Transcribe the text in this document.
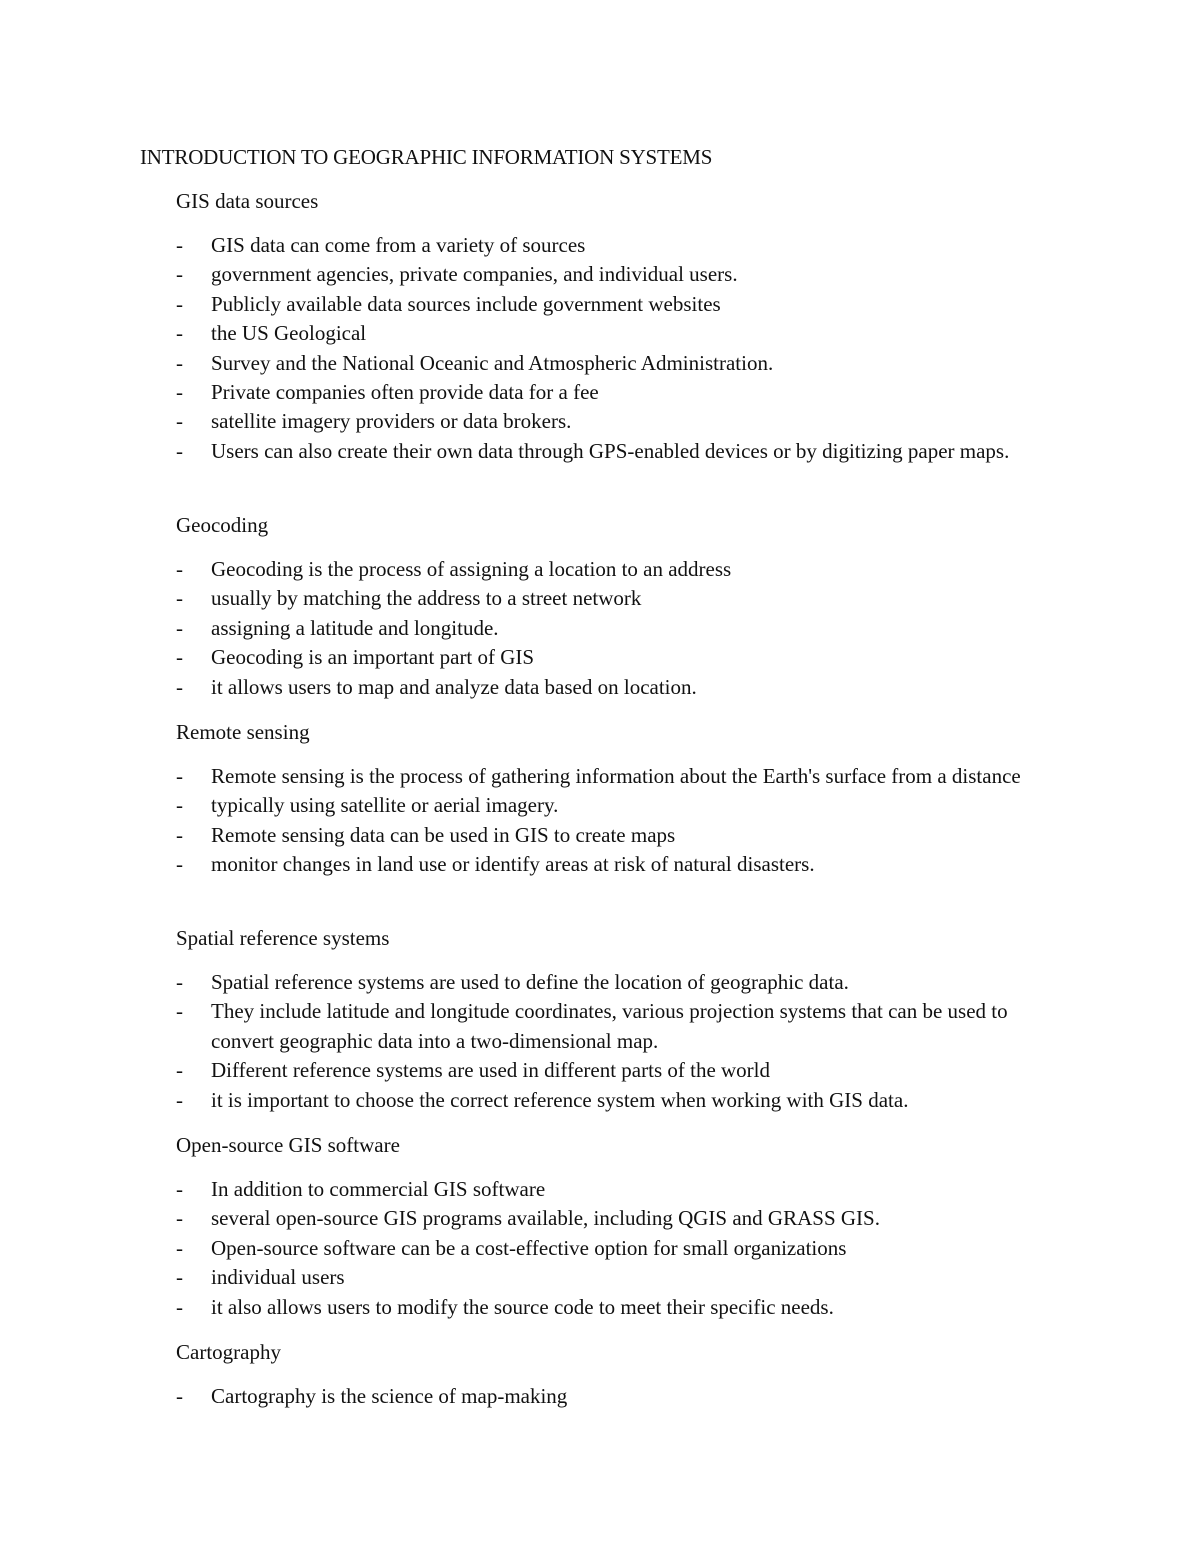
INTRODUCTION TO GEOGRAPHIC INFORMATION SYSTEMS
GIS data sources
-	GIS data can come from a variety of sources
-	government agencies, private companies, and individual users.
-	Publicly available data sources include government websites
-	the US Geological
-	Survey and the National Oceanic and Atmospheric Administration.
-	Private companies often provide data for a fee
-	satellite imagery providers or data brokers.
-	Users can also create their own data through GPS-enabled devices or by digitizing paper maps.
Geocoding
-	Geocoding is the process of assigning a location to an address
-	usually by matching the address to a street network
-	assigning a latitude and longitude.
-	Geocoding is an important part of GIS
-	it allows users to map and analyze data based on location.
Remote sensing
-	Remote sensing is the process of gathering information about the Earth's surface from a distance
-	typically using satellite or aerial imagery.
-	Remote sensing data can be used in GIS to create maps
-	monitor changes in land use or identify areas at risk of natural disasters.
Spatial reference systems
-	Spatial reference systems are used to define the location of geographic data.
-	They include latitude and longitude coordinates, various projection systems that can be used to convert geographic data into a two-dimensional map.
-	Different reference systems are used in different parts of the world
-	it is important to choose the correct reference system when working with GIS data.
Open-source GIS software
-	In addition to commercial GIS software
-	several open-source GIS programs available, including QGIS and GRASS GIS.
-	Open-source software can be a cost-effective option for small organizations
-	individual users
-	it also allows users to modify the source code to meet their specific needs.
Cartography
-	Cartography is the science of map-making
